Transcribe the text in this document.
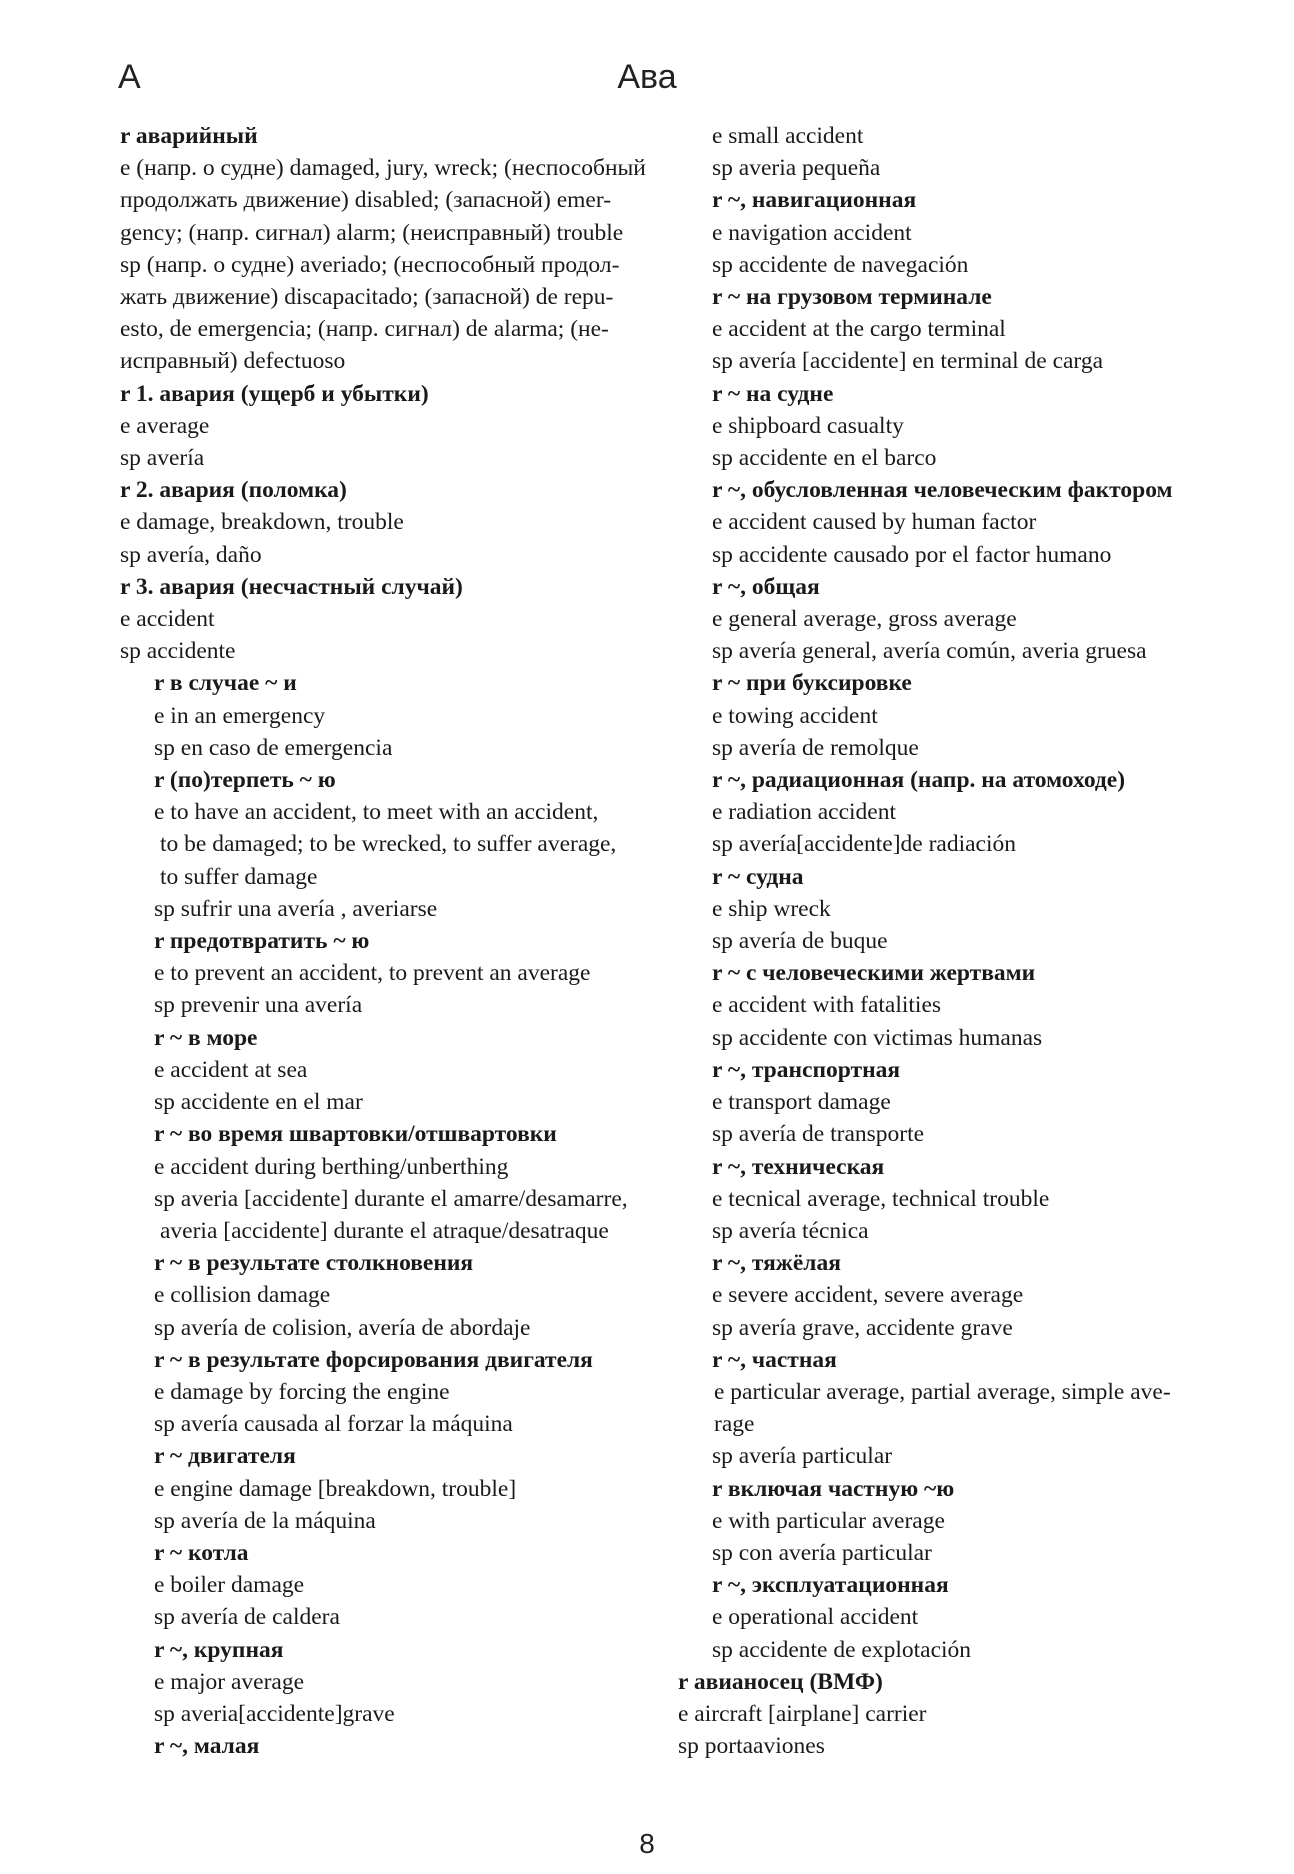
А	Ава
r аварийный
e (напр. о судне) damaged, jury, wreck; (неспособный
продолжать движение) disabled; (запасной) emer-
gency; (напр. сигнал) alarm; (неисправный) trouble
sp (напр. о судне) averiado; (неспособный продол-
жать движение) discapacitado; (запасной) de repu-
esto, de emergencia; (напр. сигнал) de alarma; (не-
исправный) defectuoso
r 1. авария (ущерб и убытки)
e average
sp avería
r 2. авария (поломка)
e damage, breakdown, trouble
sp avería, daño
r 3. авария (несчастный случай)
e accident
sp accidente
r в случае ~ и
e in an emergency
sp en caso de emergencia
r (по)терпеть ~ ю
e to have an accident, to meet with an accident,
to be damaged; to be wrecked, to suffer average,
to suffer damage
sp sufrir una avería , averiarse
r предотвратить ~ ю
e to prevent an accident, to prevent an average
sp prevenir una avería
r ~ в море
e accident at sea
sp accidente en el mar
r ~ во время швартовки/отшвартовки
e accident during berthing/unberthing
sp averia [accidente] durante el amarre/desamarre,
averia [accidente] durante el atraque/desatraque
r ~ в результате столкновения
e collision damage
sp avería de colision, avería de abordaje
r ~ в результате форсирования двигателя
e damage by forcing the engine
sp avería causada al forzar la máquina
r ~ двигателя
e engine damage [breakdown, trouble]
sp avería de la máquina
r ~ котла
e boiler damage
sp avería de caldera
r ~, крупная
e major average
sp averia[accidente]grave
r ~, малая
e small accident
sp averia pequeña
r ~, навигационная
e navigation accident
sp accidente de navegación
r ~ на грузовом терминале
e accident at the cargo terminal
sp avería [accidente] en terminal de carga
r ~ на судне
e shipboard casualty
sp accidente en el barco
r ~, обусловленная человеческим фактором
e accident caused by human factor
sp accidente causado por el factor humano
r ~, общая
e general average, gross average
sp avería general, avería común, averia gruesa
r ~ при буксировке
e towing accident
sp avería de remolque
r ~, радиационная (напр. на атомоходе)
e radiation accident
sp avería[accidente]de radiación
r ~ судна
e ship wreck
sp avería de buque
r ~ с человеческими жертвами
e accident with fatalities
sp accidente con victimas humanas
r ~, транспортная
e transport damage
sp avería de transporte
r ~, техническая
e tecnical average, technical trouble
sp avería técnica
r ~, тяжёлая
e severe accident, severe average
sp avería grave, accidente grave
r ~, частная
e particular average, partial average, simple ave-
rage
sp avería particular
r включая частную ~ю
e with particular average
sp con avería particular
r ~, эксплуатационная
e operational accident
sp accidente de explotación
r авианосец (ВМФ)
e aircraft [airplane] carrier
sp portaaviones
8
